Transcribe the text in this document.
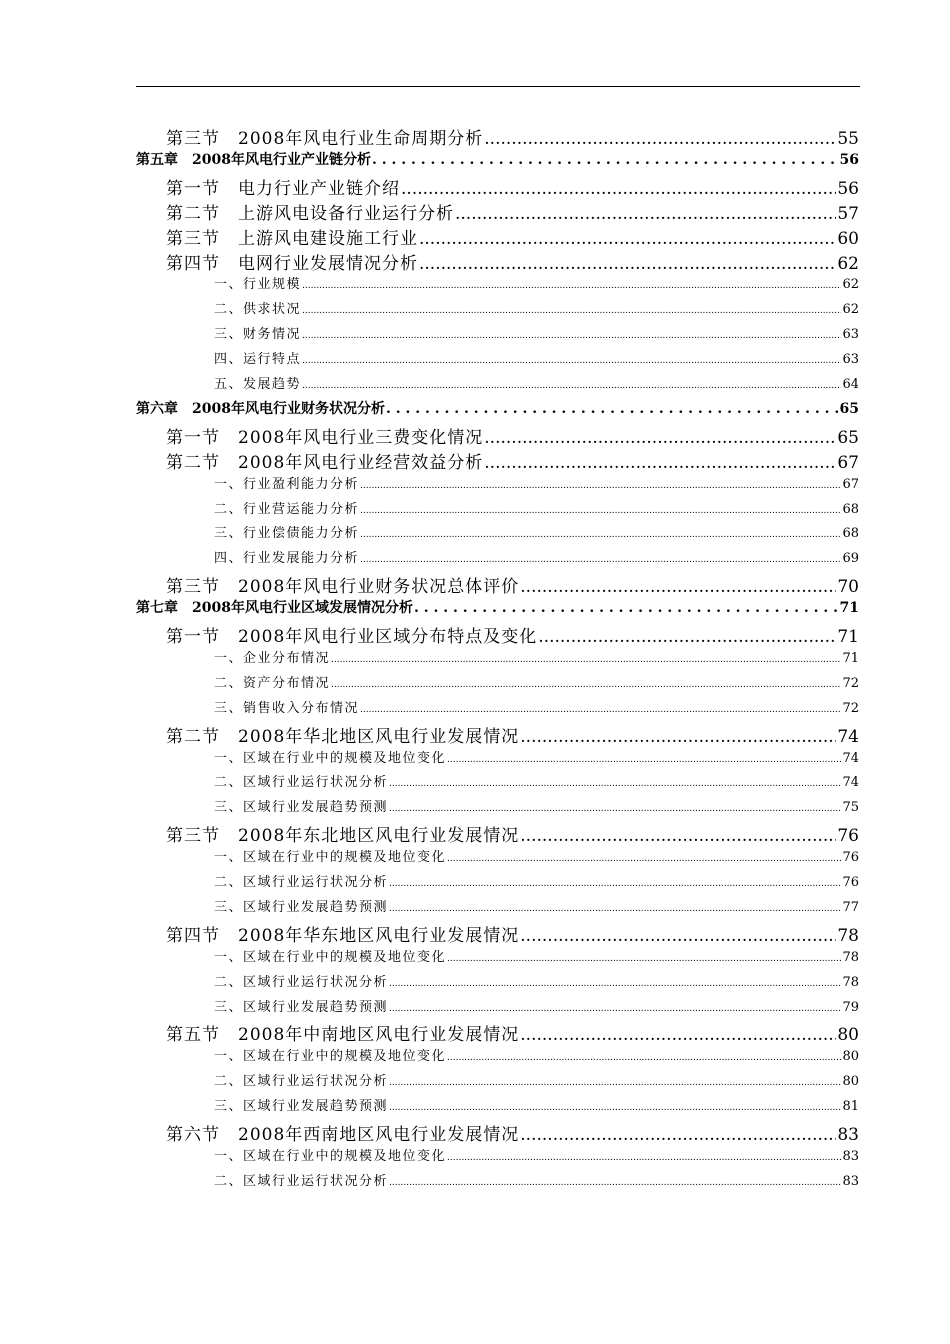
第三节　2008年风电行业生命周期分析 .....	55
第五章　2008年风电行业产业链分析 . . .	56
第一节　电力行业产业链介绍 .....	56
第二节　上游风电设备行业运行分析 .....	57
第三节　上游风电建设施工行业 .....	60
第四节　电网行业发展情况分析 .....	62
一、行业规模 .....	62
二、供求状况 .....	62
三、财务情况 .....	63
四、运行特点 .....	63
五、发展趋势 .....	64
第六章　2008年风电行业财务状况分析 . . .	65
第一节　2008年风电行业三费变化情况 .....	65
第二节　2008年风电行业经营效益分析 .....	67
一、行业盈利能力分析 .....	67
二、行业营运能力分析 .....	68
三、行业偿债能力分析 .....	68
四、行业发展能力分析 .....	69
第三节　2008年风电行业财务状况总体评价 .....	70
第七章　2008年风电行业区域发展情况分析 . . .	71
第一节　2008年风电行业区域分布特点及变化 .....	71
一、企业分布情况 .....	71
二、资产分布情况 .....	72
三、销售收入分布情况 .....	72
第二节　2008年华北地区风电行业发展情况 .....	74
一、区域在行业中的规模及地位变化 .....	74
二、区域行业运行状况分析 .....	74
三、区域行业发展趋势预测 .....	75
第三节　2008年东北地区风电行业发展情况 .....	76
一、区域在行业中的规模及地位变化 .....	76
二、区域行业运行状况分析 .....	76
三、区域行业发展趋势预测 .....	77
第四节　2008年华东地区风电行业发展情况 .....	78
一、区域在行业中的规模及地位变化 .....	78
二、区域行业运行状况分析 .....	78
三、区域行业发展趋势预测 .....	79
第五节　2008年中南地区风电行业发展情况 .....	80
一、区域在行业中的规模及地位变化 .....	80
二、区域行业运行状况分析 .....	80
三、区域行业发展趋势预测 .....	81
第六节　2008年西南地区风电行业发展情况 .....	83
一、区域在行业中的规模及地位变化 .....	83
二、区域行业运行状况分析 .....	83
